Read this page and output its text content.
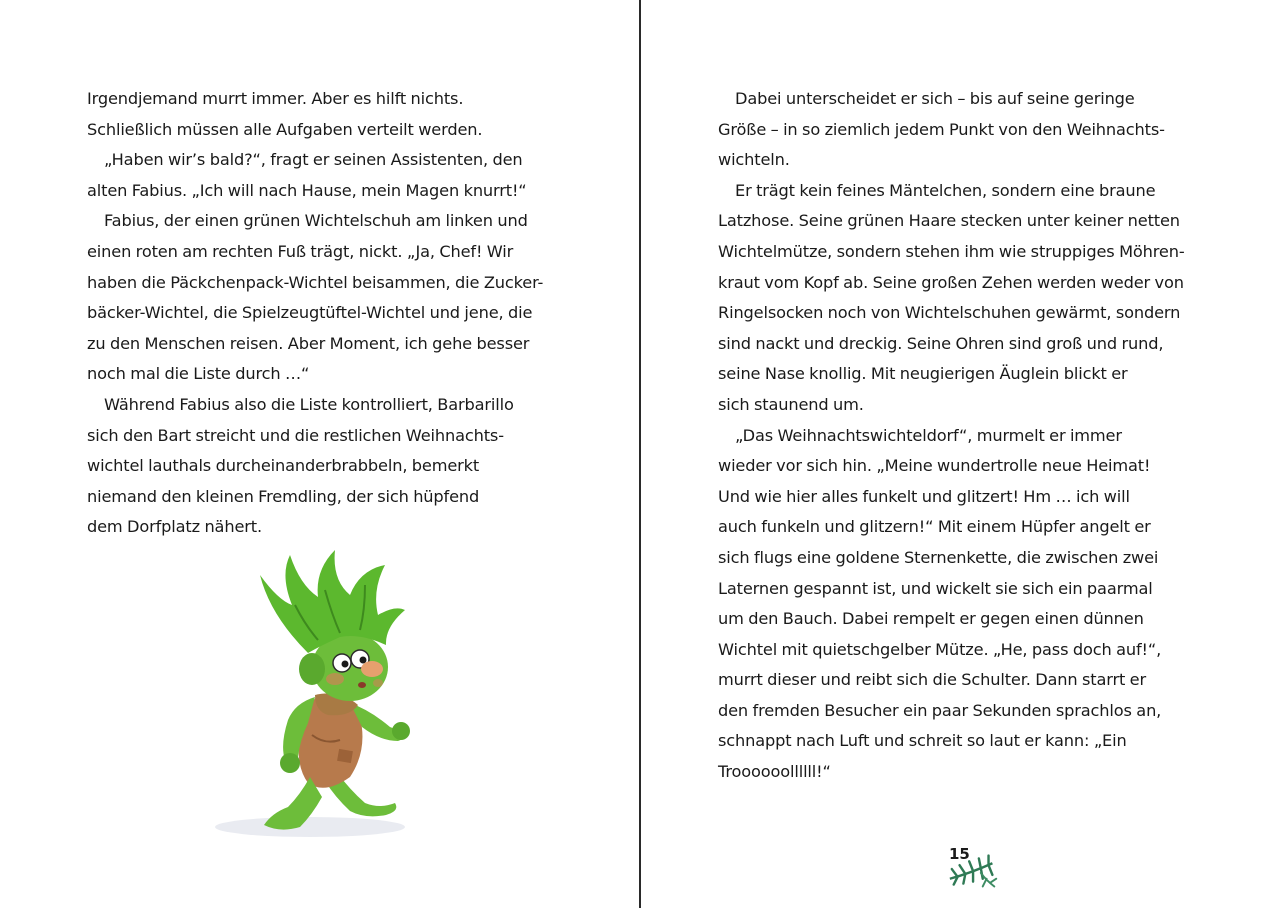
Irgendjemand murrt immer. Aber es hilft nichts.
Schließlich müssen alle Aufgaben verteilt werden.
„Haben wir’s bald?“, fragt er seinen Assistenten, den
alten Fabius. „Ich will nach Hause, mein Magen knurrt!“
Fabius, der einen grünen Wichtelschuh am linken und
einen roten am rechten Fuß trägt, nickt. „Ja, Chef! Wir
haben die Päckchenpack-Wichtel beisammen, die Zucker-
bäcker-Wichtel, die Spielzeugtüftel-Wichtel und jene, die
zu den Menschen reisen. Aber Moment, ich gehe besser
noch mal die Liste durch …“
Während Fabius also die Liste kontrolliert, Barbarillo
sich den Bart streicht und die restlichen Weihnachts-
wichtel lauthals durcheinanderbrabbeln, bemerkt
niemand den kleinen Fremdling, der sich hüpfend
dem Dorfplatz nähert.
Dabei unterscheidet er sich – bis auf seine geringe
Größe – in so ziemlich jedem Punkt von den Weihnachts-
wichteln.
Er trägt kein feines Mäntelchen, sondern eine braune
Latzhose. Seine grünen Haare stecken unter keiner netten
Wichtelmütze, sondern stehen ihm wie struppiges Möhren-
kraut vom Kopf ab. Seine großen Zehen werden weder von
Ringelsocken noch von Wichtelschuhen gewärmt, sondern
sind nackt und dreckig. Seine Ohren sind groß und rund,
seine Nase knollig. Mit neugierigen Äuglein blickt er
sich staunend um.
„Das Weihnachtswichteldorf“, murmelt er immer
wieder vor sich hin. „Meine wundertrolle neue Heimat!
Und wie hier alles funkelt und glitzert! Hm … ich will
auch funkeln und glitzern!“ Mit einem Hüpfer angelt er
sich flugs eine goldene Sternenkette, die zwischen zwei
Laternen gespannt ist, und wickelt sie sich ein paarmal
um den Bauch. Dabei rempelt er gegen einen dünnen
Wichtel mit quietschgelber Mütze. „He, pass doch auf!“,
murrt dieser und reibt sich die Schulter. Dann starrt er
den fremden Besucher ein paar Sekunden sprachlos an,
schnappt nach Luft und schreit so laut er kann: „Ein
Troooooollllll!“
15
